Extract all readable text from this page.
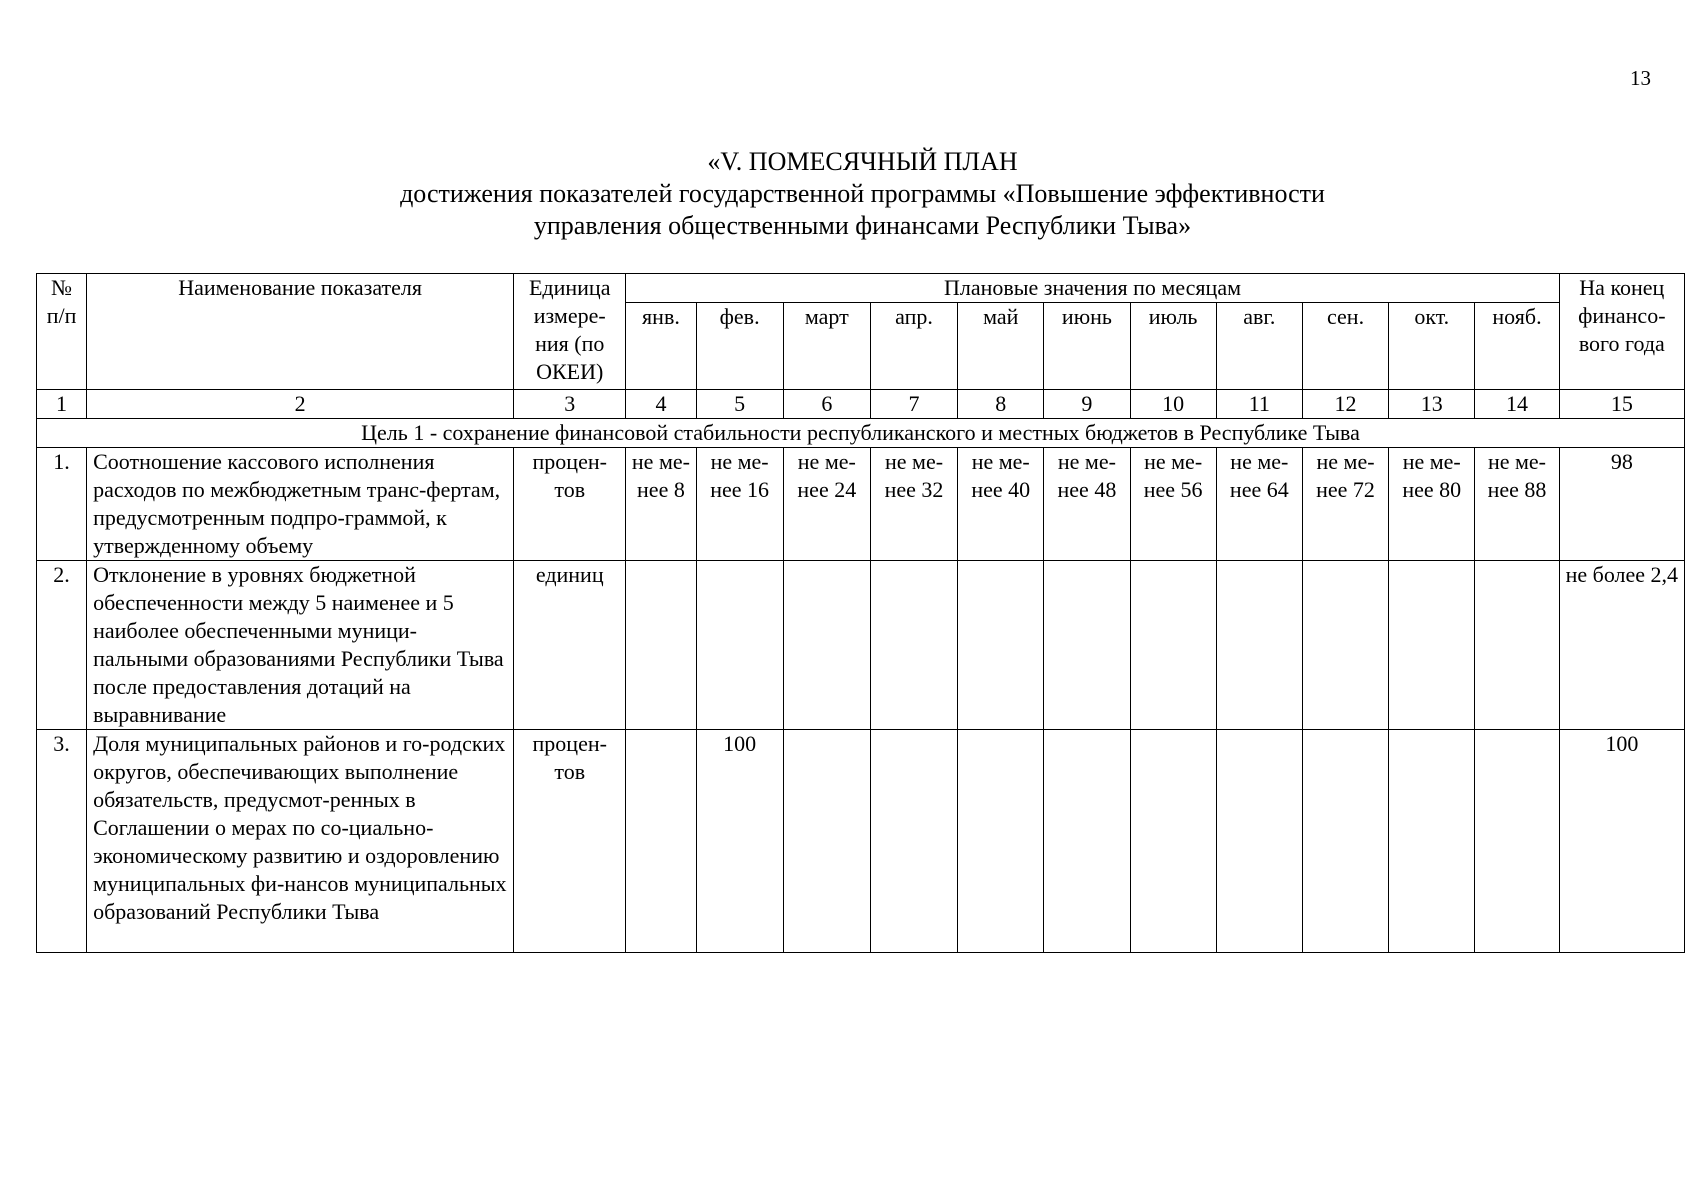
13
«V. ПОМЕСЯЧНЫЙ ПЛАН
достижения показателей государственной программы «Повышение эффективности
управления общественными финансами Республики Тыва»
№ п/п	Наименование показателя	Единица измере-ния (по ОКЕИ)	Плановые значения по месяцам											На конец финансо-вого года
			янв.	фев.	март	апр.	май	июнь	июль	авг.	сен.	окт.	нояб.	
1	2	3	4	5	6	7	8	9	10	11	12	13	14	15
Цель 1 - сохранение финансовой стабильности республиканского и местных бюджетов в Республике Тыва														
1.	Соотношение кассового исполнения расходов по межбюджетным транс-фертам, предусмотренным подпро-граммой, к утвержденному объему	процен-тов	не ме-нее 8	не ме-нее 16	не ме-нее 24	не ме-нее 32	не ме-нее 40	не ме-нее 48	не ме-нее 56	не ме-нее 64	не ме-нее 72	не ме-нее 80	не ме-нее 88	98
2.	Отклонение в уровнях бюджетной обеспеченности между 5 наименее и 5 наиболее обеспеченными муници-пальными образованиями Республики Тыва после предоставления дотаций на выравнивание	единиц												не более 2,4
3.	Доля муниципальных районов и го-родских округов, обеспечивающих выполнение обязательств, предусмот-ренных в Соглашении о мерах по со-циально-экономическому развитию и оздоровлению муниципальных фи-нансов муниципальных образований Республики Тыва	процен-тов		100										100
